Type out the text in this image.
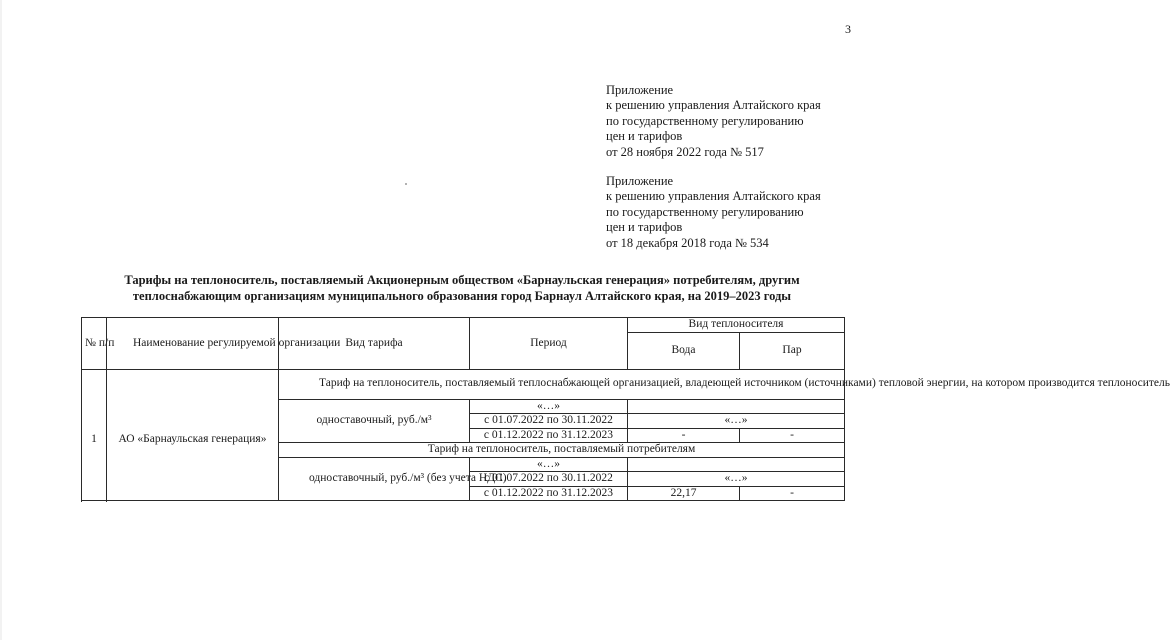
3
Приложение
к решению управления Алтайского края
по государственному регулированию
цен и тарифов
от 28 ноября 2022 года № 517
Приложение
к решению управления Алтайского края
по государственному регулированию
цен и тарифов
от 18 декабря 2018 года № 534
Тарифы на теплоноситель, поставляемый Акционерным обществом «Барнаульская генерация» потребителям, другим
теплоснабжающим организациям муниципального образования город Барнаул Алтайского края, на 2019–2023 годы
№ п/п	Наименование регулируемой организации	Вид тарифа	Период	Вид теплоносителя	
				Вода	Пар
1	АО «Барнаульская генерация»	Тариф на теплоноситель, поставляемый теплоснабжающей организацией, владеющей источником (источниками) тепловой энергии, на котором производится теплоноситель			
		одноставочный, руб./м³	«…»		
			с 01.07.2022 по 30.11.2022	«…»	
			с 01.12.2022 по 31.12.2023	-	-
		Тариф на теплоноситель, поставляемый потребителям			
		одноставочный, руб./м³ (без учета НДС)	«…»		
			с 01.07.2022 по 30.11.2022	«…»	
			с 01.12.2022 по 31.12.2023	22,17	-
